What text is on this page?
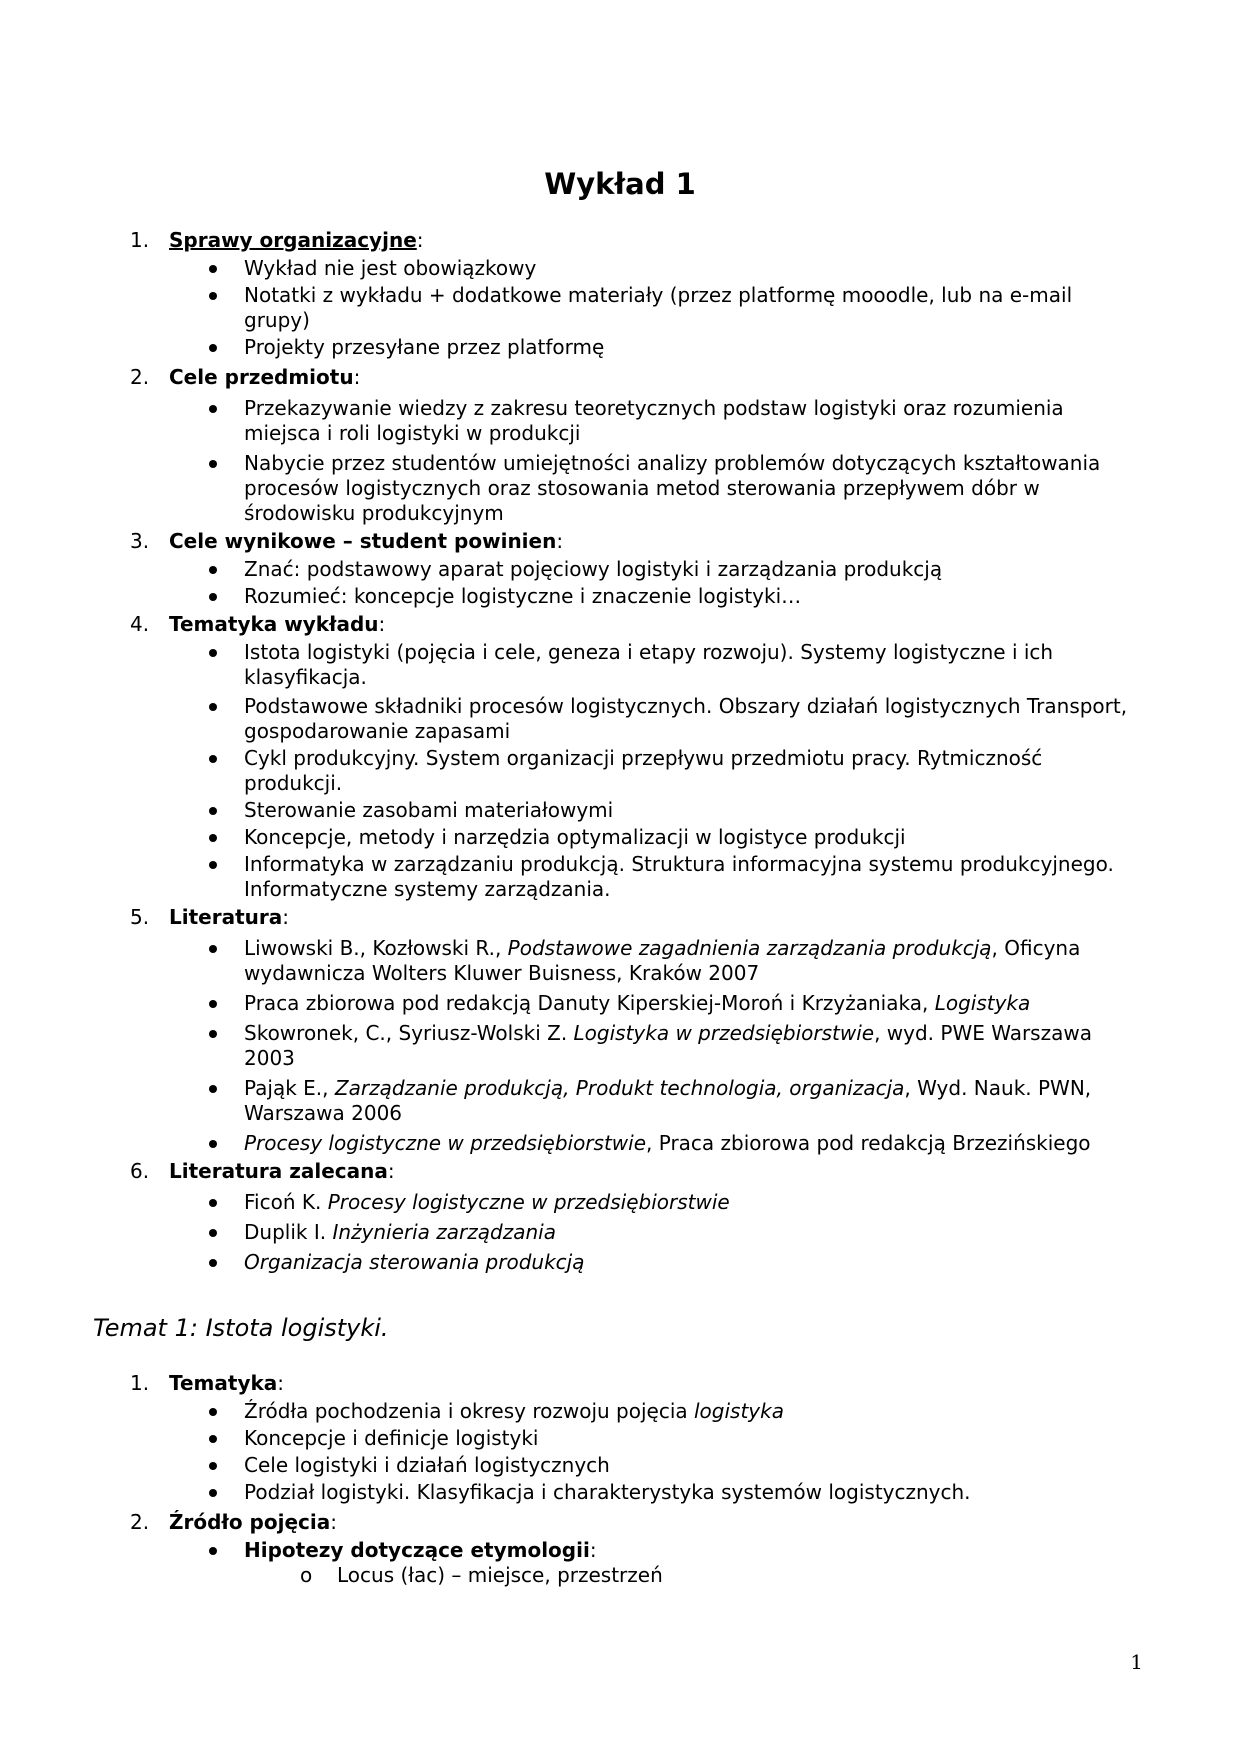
Wykład 1
1. Sprawy organizacyjne:
Wykład nie jest obowiązkowy
Notatki z wykładu + dodatkowe materiały (przez platformę mooodle, lub na e-mail grupy)
Projekty przesyłane przez platformę
2. Cele przedmiotu:
Przekazywanie wiedzy z zakresu teoretycznych podstaw logistyki oraz rozumienia miejsca i roli logistyki w produkcji
Nabycie przez studentów umiejętności analizy problemów dotyczących kształtowania procesów logistycznych oraz stosowania metod sterowania przepływem dóbr w środowisku produkcyjnym
3. Cele wynikowe – student powinien:
Znać: podstawowy aparat pojęciowy logistyki i zarządzania produkcją
Rozumieć: koncepcje logistyczne i znaczenie logistyki…
4. Tematyka wykładu:
Istota logistyki (pojęcia i cele, geneza i etapy rozwoju). Systemy logistyczne i ich klasyfikacja.
Podstawowe składniki procesów logistycznych. Obszary działań logistycznych Transport, gospodarowanie zapasami
Cykl produkcyjny. System organizacji przepływu przedmiotu pracy. Rytmiczność produkcji.
Sterowanie zasobami materiałowymi
Koncepcje, metody i narzędzia optymalizacji w logistyce produkcji
Informatyka w zarządzaniu produkcją. Struktura informacyjna systemu produkcyjnego. Informatyczne systemy zarządzania.
5. Literatura:
Liwowski B., Kozłowski R., Podstawowe zagadnienia zarządzania produkcją, Oficyna wydawnicza Wolters Kluwer Buisness, Kraków 2007
Praca zbiorowa pod redakcją Danuty Kiperskiej-Moroń i Krzyżaniaka, Logistyka
Skowronek, C., Syriusz-Wolski Z. Logistyka w przedsiębiorstwie, wyd. PWE Warszawa 2003
Pająk E., Zarządzanie produkcją, Produkt technologia, organizacja, Wyd. Nauk. PWN, Warszawa 2006
Procesy logistyczne w przedsiębiorstwie, Praca zbiorowa pod redakcją Brzezińskiego
6. Literatura zalecana:
Ficoń K. Procesy logistyczne w przedsiębiorstwie
Duplik I. Inżynieria zarządzania
Organizacja sterowania produkcją
Temat 1: Istota logistyki.
1. Tematyka:
Źródła pochodzenia i okresy rozwoju pojęcia logistyka
Koncepcje i definicje logistyki
Cele logistyki i działań logistycznych
Podział logistyki. Klasyfikacja i charakterystyka systemów logistycznych.
2. Źródło pojęcia:
Hipotezy dotyczące etymologii:
o Locus (łac) – miejsce, przestrzeń
1
